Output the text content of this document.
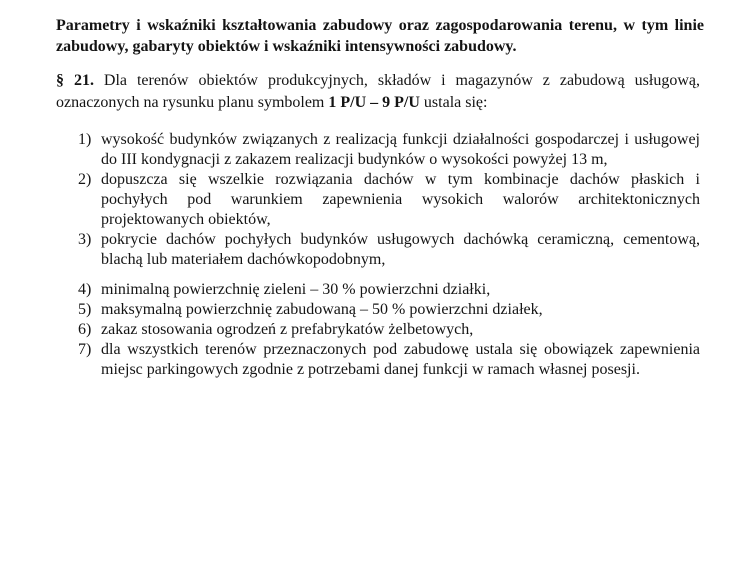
Parametry i wskaźniki kształtowania zabudowy oraz zagospodarowania terenu, w tym linie
zabudowy, gabaryty obiektów i wskaźniki intensywności zabudowy.
§ 21. Dla terenów obiektów produkcyjnych, składów i magazynów z zabudową usługową,
oznaczonych na rysunku planu symbolem 1 P/U – 9 P/U ustala się:
1) wysokość budynków związanych z realizacją funkcji działalności gospodarczej i usługowej
do III kondygnacji z zakazem realizacji budynków o wysokości powyżej 13 m,
2) dopuszcza się wszelkie rozwiązania dachów w tym kombinacje dachów płaskich i
pochyłych pod warunkiem zapewnienia wysokich walorów architektonicznych
projektowanych obiektów,
3) pokrycie dachów pochyłych budynków usługowych dachówką ceramiczną, cementową,
blachą lub materiałem dachówkopodobnym,
4) minimalną powierzchnię zieleni – 30 % powierzchni działki,
5) maksymalną powierzchnię zabudowaną – 50 % powierzchni działek,
6) zakaz stosowania ogrodzeń z prefabrykatów żelbetowych,
7) dla wszystkich terenów przeznaczonych pod zabudowę ustala się obowiązek zapewnienia
miejsc parkingowych zgodnie z potrzebami danej funkcji w ramach własnej posesji.
